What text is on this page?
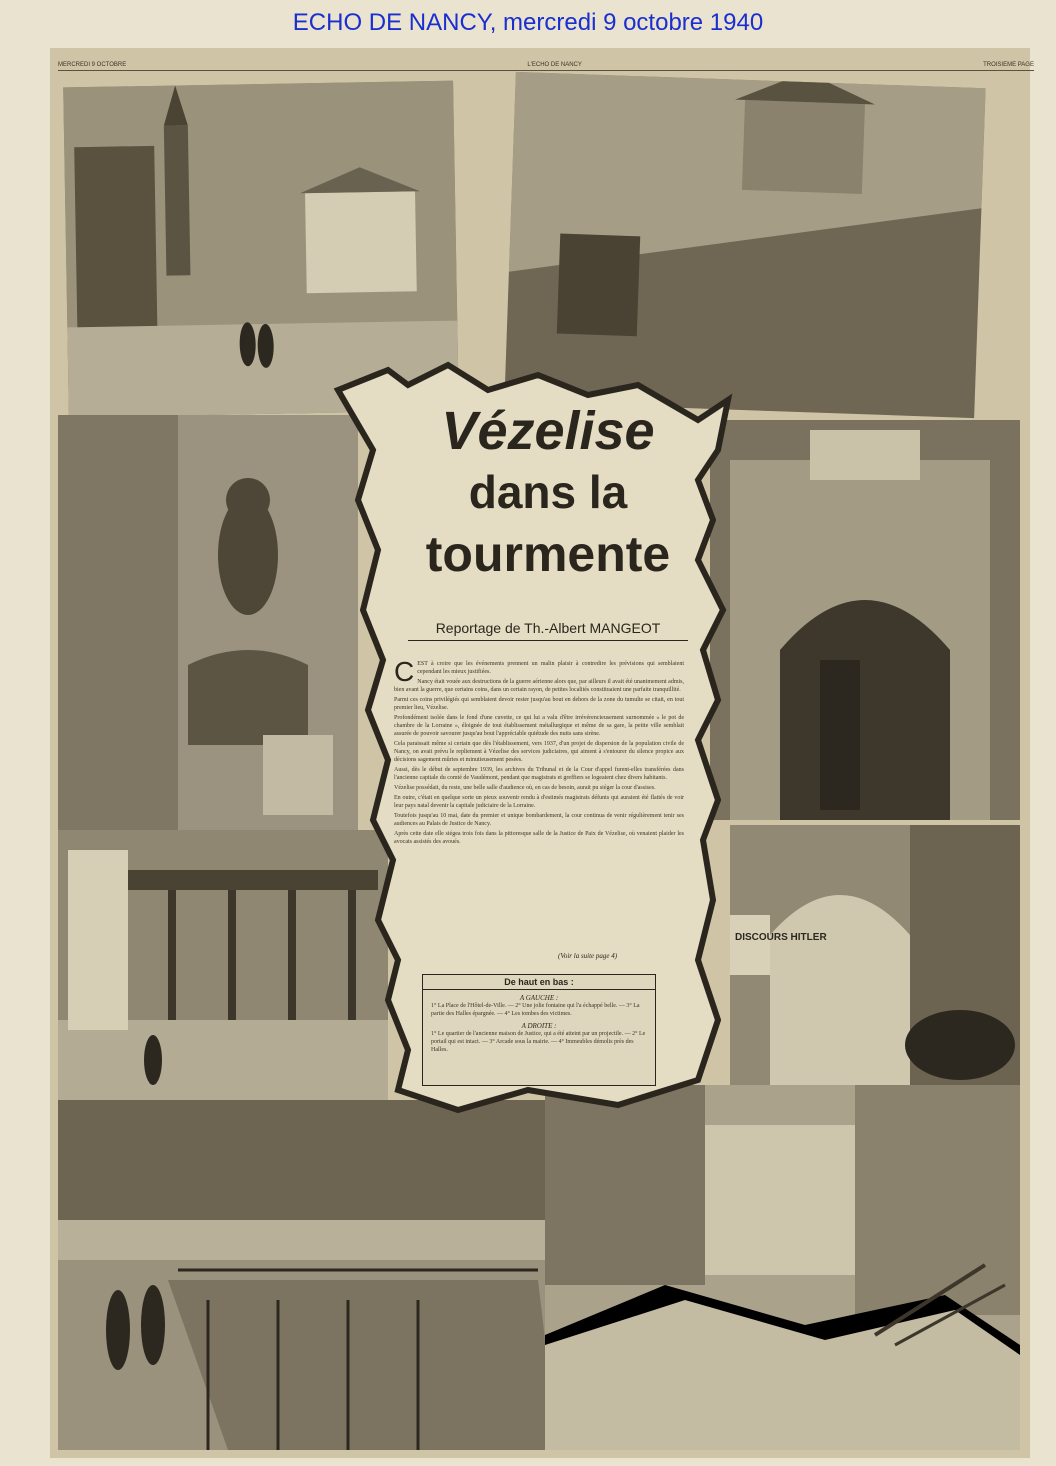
ECHO DE NANCY, mercredi 9 octobre 1940
MERCREDI 9 OCTOBRE	L'ECHO DE NANCY	TROISIEME PAGE
DISCOURS HITLER
Vézelise
dans la
tourmente
Reportage de Th.-Albert MANGEOT
C EST à croire que les événements prennent un malin plaisir à contredire les prévisions qui semblaient cependant les mieux justifiées.

Nancy était vouée aux destructions de la guerre aérienne alors que, par ailleurs il avait été unanimement admis, bien avant la guerre, que certains coins, dans un certain rayon, de petites localités constituaient une parfaite tranquillité.

Parmi ces coins privilégiés qui semblaient devoir rester jusqu'au bout en dehors de la zone du tumulte se citait, en tout premier lieu, Vézelise.

Profondément isolée dans le fond d'une cuvette, ce qui lui a valu d'être irrévérencieusement surnommée « le pot de chambre de la Lorraine », éloignée de tout établissement métallurgique et même de sa gare, la petite ville semblait assurée de pouvoir savourer jusqu'au bout l'appréciable quiétude des nuits sans sirène.

Cela paraissait même si certain que dès l'établissement, vers 1937, d'un projet de dispersion de la population civile de Nancy, on avait prévu le repliement à Vézelise des services judiciaires, qui aiment à s'entourer du silence propice aux décisions sagement mûries et minutieusement pesées.

Aussi, dès le début de septembre 1939, les archives du Tribunal et de la Cour d'appel furent-elles transférées dans l'ancienne capitale du comté de Vaudémont, pendant que magistrats et greffiers se logeaient chez divers habitants.

Vézelise possédait, du reste, une belle salle d'audience où, en cas de besoin, aurait pu siéger la cour d'assises.

En outre, c'était en quelque sorte un pieux souvenir rendu à d'estimés magistrats défunts qui auraient été flattés de voir leur pays natal devenir la capitale judiciaire de la Lorraine.

Toutefois jusqu'au 10 mai, date du premier et unique bombardement, la cour continua de venir régulièrement tenir ses audiences au Palais de Justice de Nancy.

Après cette date elle siégea trois fois dans la pittoresque salle de la Justice de Paix de Vézelise, où venaient plaider les avocats assistés des avoués.

(Voir la suite page 4)
De haut en bas :
A GAUCHE :
1° La Place de l'Hôtel-de-Ville. — 2° Une jolie fontaine qui l'a échappé belle. — 3° La partie des Halles épargnée. — 4° Les tombes des victimes.
A DROITE :
1° Le quartier de l'ancienne maison de Justice, qui a été atteint par un projectile. — 2° Le portail qui est intact. — 3° Arcade sous la mairie. — 4° Immeubles démolis près des Halles.
